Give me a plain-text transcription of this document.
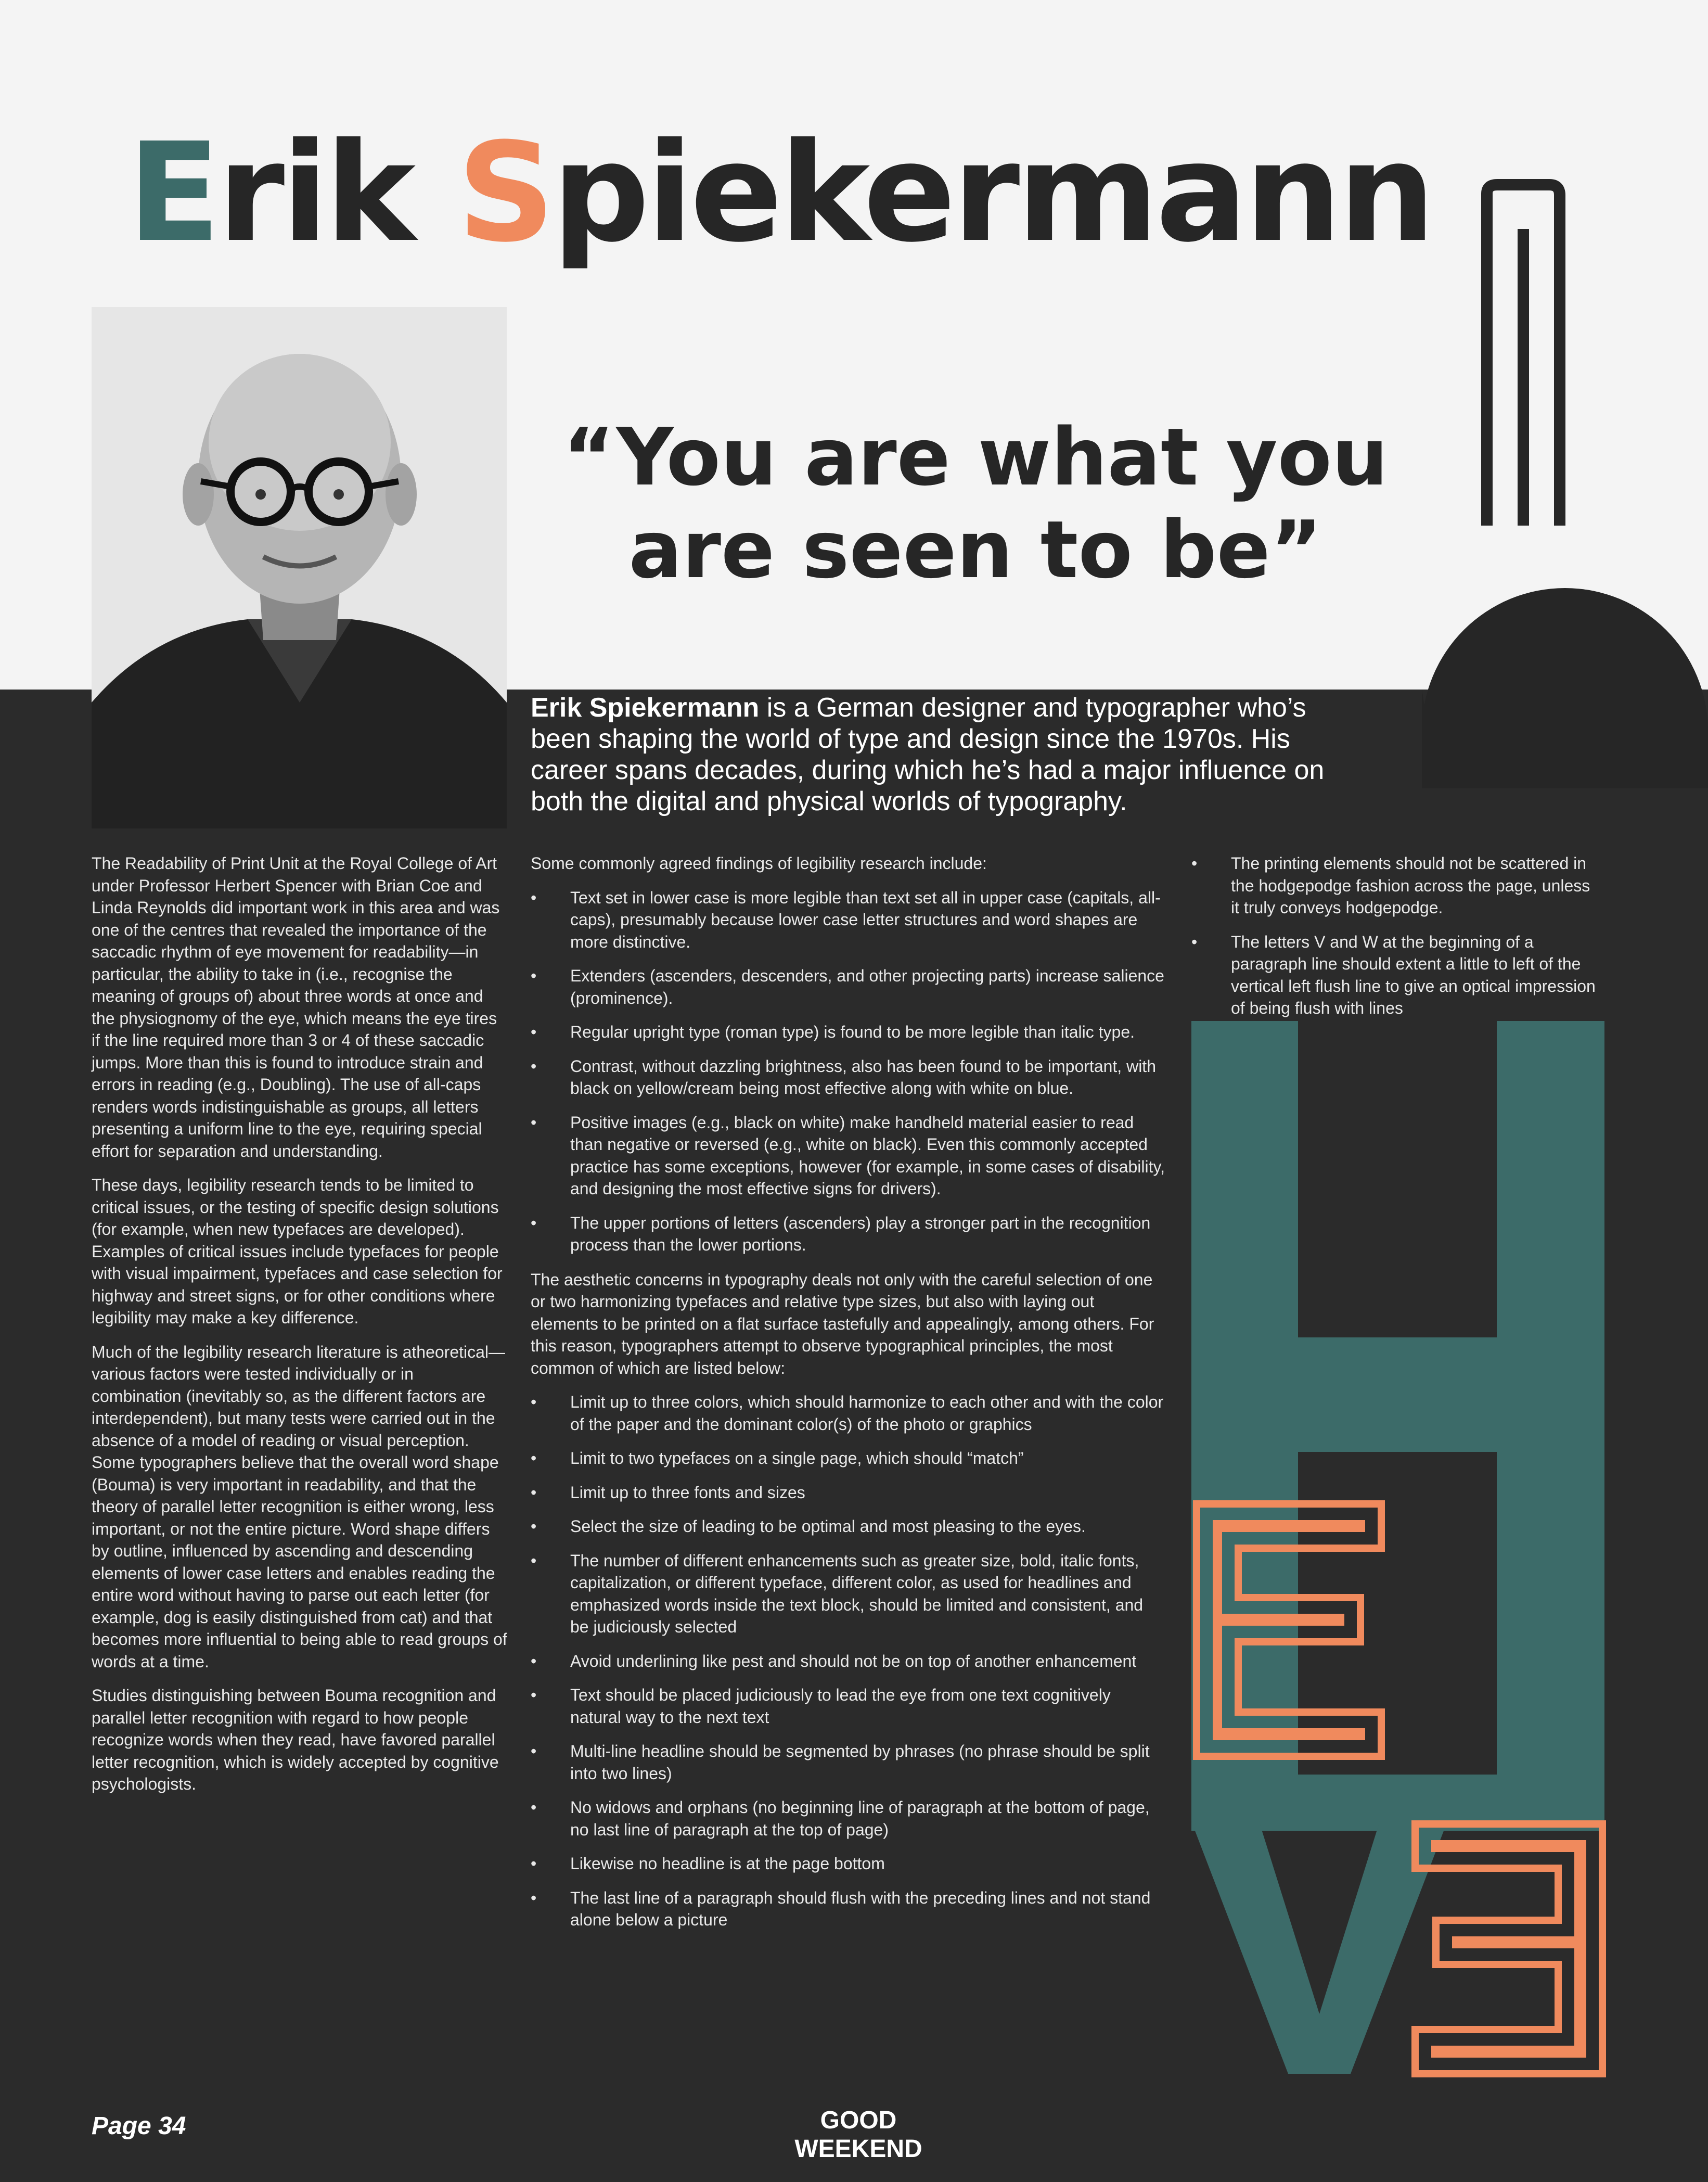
Erik Spiekermann
“You are what you
are seen to be”

Erik Spiekermann is a German designer and typographer who’s been shaping the world of type and design since the 1970s. His career spans decades, during which he’s had a major influence on both the digital and physical worlds of typography.

The Readability of Print Unit at the Royal College of Art under Professor Herbert Spencer with Brian Coe and Linda Reynolds did important work in this area and was one of the centres that revealed the importance of the saccadic rhythm of eye movement for readability—in particular, the ability to take in (i.e., recognise the meaning of groups of) about three words at once and the physiognomy of the eye, which means the eye tires if the line required more than 3 or 4 of these saccadic jumps. More than this is found to introduce strain and errors in reading (e.g., Doubling). The use of all-caps renders words indistinguishable as groups, all letters presenting a uniform line to the eye, requiring special effort for separation and understanding.

These days, legibility research tends to be limited to critical issues, or the testing of specific design solutions (for example, when new typefaces are developed). Examples of critical issues include typefaces for people with visual impairment, typefaces and case selection for highway and street signs, or for other conditions where legibility may make a key difference.

Much of the legibility research literature is atheoretical—various factors were tested individually or in combination (inevitably so, as the different factors are interdependent), but many tests were carried out in the absence of a model of reading or visual perception. Some typographers believe that the overall word shape (Bouma) is very important in readability, and that the theory of parallel letter recognition is either wrong, less important, or not the entire picture. Word shape differs by outline, influenced by ascending and descending elements of lower case letters and enables reading the entire word without having to parse out each letter (for example, dog is easily distinguished from cat) and that becomes more influential to being able to read groups of words at a time.

Studies distinguishing between Bouma recognition and parallel letter recognition with regard to how people recognize words when they read, have favored parallel letter recognition, which is widely accepted by cognitive psychologists.

Some commonly agreed findings of legibility research include:

• Text set in lower case is more legible than text set all in upper case (capitals, all-caps), presumably because lower case letter structures and word shapes are more distinctive.
• Extenders (ascenders, descenders, and other projecting parts) increase salience (prominence).
• Regular upright type (roman type) is found to be more legible than italic type.
• Contrast, without dazzling brightness, also has been found to be important, with black on yellow/cream being most effective along with white on blue.
• Positive images (e.g., black on white) make handheld material easier to read than negative or reversed (e.g., white on black). Even this commonly accepted practice has some exceptions, however (for example, in some cases of disability, and designing the most effective signs for drivers).
• The upper portions of letters (ascenders) play a stronger part in the recognition process than the lower portions.

The aesthetic concerns in typography deals not only with the careful selection of one or two harmonizing typefaces and relative type sizes, but also with laying out elements to be printed on a flat surface tastefully and appealingly, among others. For this reason, typographers attempt to observe typographical principles, the most common of which are listed below:

• Limit up to three colors, which should harmonize to each other and with the color of the paper and the dominant color(s) of the photo or graphics
• Limit to two typefaces on a single page, which should “match”
• Limit up to three fonts and sizes
• Select the size of leading to be optimal and most pleasing to the eyes.
• The number of different enhancements such as greater size, bold, italic fonts, capitalization, or different typeface, different color, as used for headlines and emphasized words inside the text block, should be limited and consistent, and be judiciously selected
• Avoid underlining like pest and should not be on top of another enhancement
• Text should be placed judiciously to lead the eye from one text cognitively natural way to the next text
• Multi-line headline should be segmented by phrases (no phrase should be split into two lines)
• No widows and orphans (no beginning line of paragraph at the bottom of page, no last line of paragraph at the top of page)
• Likewise no headline is at the page bottom
• The last line of a paragraph should flush with the preceding lines and not stand alone below a picture
• The printing elements should not be scattered in the hodgepodge fashion across the page, unless it truly conveys hodgepodge.
• The letters V and W at the beginning of a paragraph line should extent a little to left of the vertical left flush line to give an optical impression of being flush with lines

Page 34	GOOD WEEKEND
